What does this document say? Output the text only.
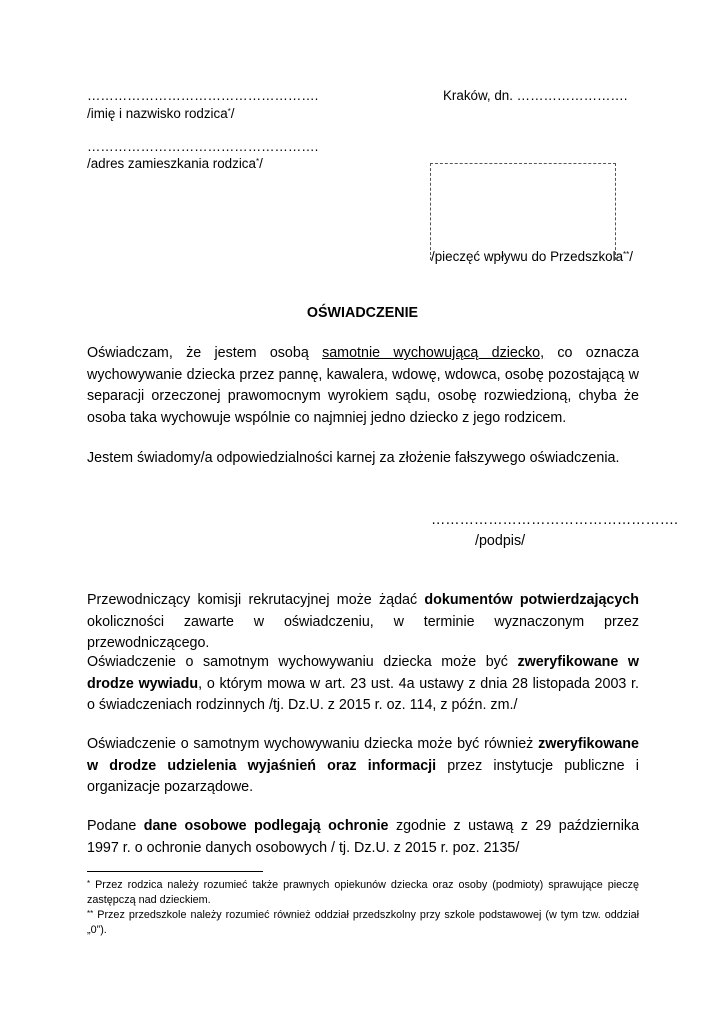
…………………………………………….
/imię i nazwisko rodzica*/
…………………………………………….
/adres zamieszkania rodzica*/
Kraków, dn. …………………….
/pieczęć wpływu do Przedszkola**/
OŚWIADCZENIE
Oświadczam, że jestem osobą samotnie wychowującą dziecko, co oznacza wychowywanie dziecka przez pannę, kawalera, wdowę, wdowca, osobę pozostającą w separacji orzeczonej prawomocnym wyrokiem sądu, osobę rozwiedzioną, chyba że osoba taka wychowuje wspólnie co najmniej jedno dziecko z jego rodzicem.
Jestem świadomy/a odpowiedzialności karnej za złożenie fałszywego oświadczenia.
…………………………………………….
/podpis/
Przewodniczący komisji rekrutacyjnej może żądać dokumentów potwierdzających okoliczności zawarte w oświadczeniu, w terminie wyznaczonym przez przewodniczącego.
Oświadczenie o samotnym wychowywaniu dziecka może być zweryfikowane w drodze wywiadu, o którym mowa w art. 23 ust. 4a ustawy z dnia 28 listopada 2003 r. o świadczeniach rodzinnych /tj. Dz.U. z 2015 r. oz. 114, z późn. zm./
Oświadczenie o samotnym wychowywaniu dziecka może być również zweryfikowane w drodze udzielenia wyjaśnień oraz informacji przez instytucje publiczne i organizacje pozarządowe.
Podane dane osobowe podlegają ochronie zgodnie z ustawą z 29 października 1997 r. o ochronie danych osobowych / tj. Dz.U. z 2015 r. poz. 2135/
* Przez rodzica należy rozumieć także prawnych opiekunów dziecka oraz osoby (podmioty) sprawujące pieczę zastępczą nad dzieckiem.
** Przez przedszkole należy rozumieć również oddział przedszkolny przy szkole podstawowej (w tym tzw. oddział „0”).
